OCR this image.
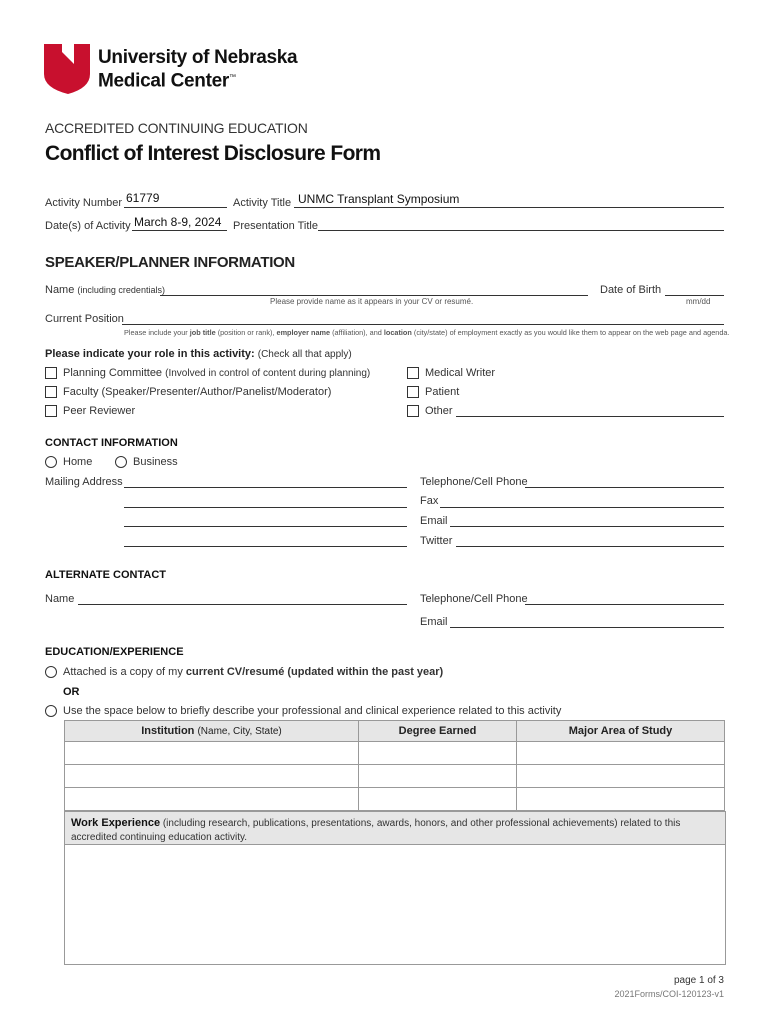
University of Nebraska
Medical Center™
ACCREDITED CONTINUING EDUCATION
Conflict of Interest Disclosure Form
Activity Number 61779	Activity Title UNMC Transplant Symposium
Date(s) of Activity March 8-9, 2024 Presentation Title
SPEAKER/PLANNER INFORMATION
Name (including credentials)
Please provide name as it appears in your CV or resumé.
Date of Birth
mm/dd
Current Position
Please include your job title (position or rank), employer name (affiliation), and location (city/state) of employment exactly as you would like them to appear on the web page and agenda.
Please indicate your role in this activity: (Check all that apply)
Planning Committee (Involved in control of content during planning)
Faculty (Speaker/Presenter/Author/Panelist/Moderator)
Peer Reviewer
Medical Writer
Patient
Other
CONTACT INFORMATION
Home	Business
Mailing Address	Telephone/Cell Phone
Fax
Email
Twitter
ALTERNATE CONTACT
Name	Telephone/Cell Phone
Email
EDUCATION/EXPERIENCE
Attached is a copy of my current CV/resumé (updated within the past year)
OR
Use the space below to briefly describe your professional and clinical experience related to this activity
Institution (Name, City, State)	Degree Earned	Major Area of Study

Work Experience (including research, publications, presentations, awards, honors, and other professional achievements) related to this accredited continuing education activity.
page 1 of 3
2021Forms/COI-120123-v1
